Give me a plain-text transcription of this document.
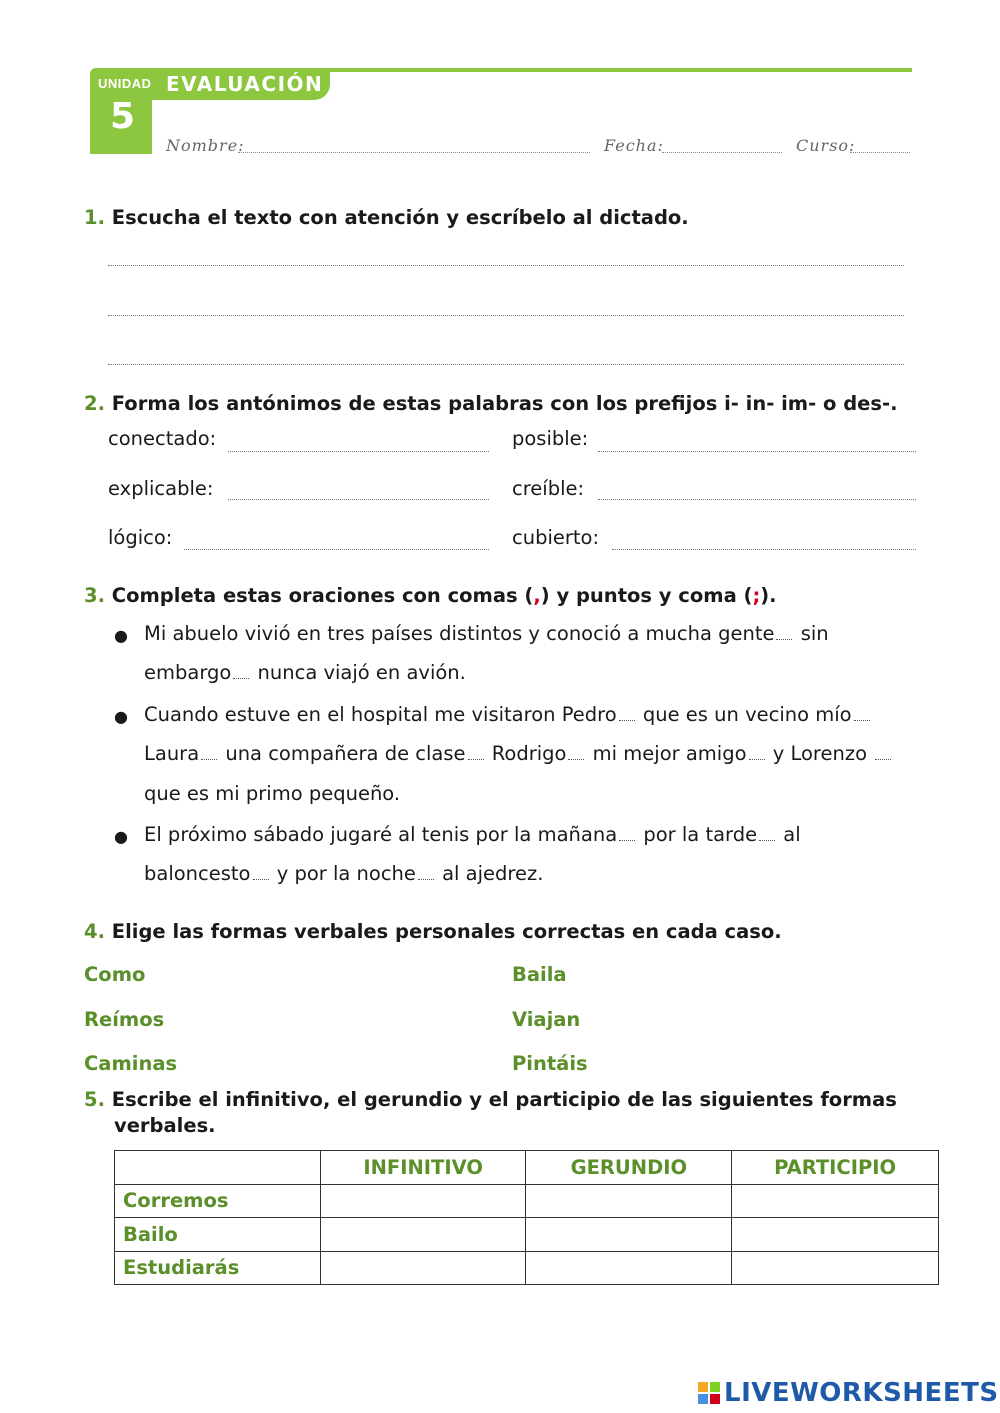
UNIDAD
5
EVALUACIÓN
Nombre:	Fecha:	Curso:
1. Escucha el texto con atención y escríbelo al dictado.
2. Forma los antónimos de estas palabras con los prefijos i- in- im- o des-.
conectado:	posible:
explicable:	creíble:
lógico:	cubierto:
3. Completa estas oraciones con comas (,) y puntos y coma (;).
● Mi abuelo vivió en tres países distintos y conoció a mucha gente sin
embargo nunca viajó en avión.
● Cuando estuve en el hospital me visitaron Pedro que es un vecino mío
Laura una compañera de clase Rodrigo mi mejor amigo y Lorenzo
que es mi primo pequeño.
● El próximo sábado jugaré al tenis por la mañana por la tarde al
baloncesto y por la noche al ajedrez.
4. Elige las formas verbales personales correctas en cada caso.
Como	Baila
Reímos	Viajan
Caminas	Pintáis
5. Escribe el infinitivo, el gerundio y el participio de las siguientes formas
verbales.
	INFINITIVO	GERUNDIO	PARTICIPIO
Corremos			
Bailo			
Estudiarás			
LIVEWORKSHEETS
